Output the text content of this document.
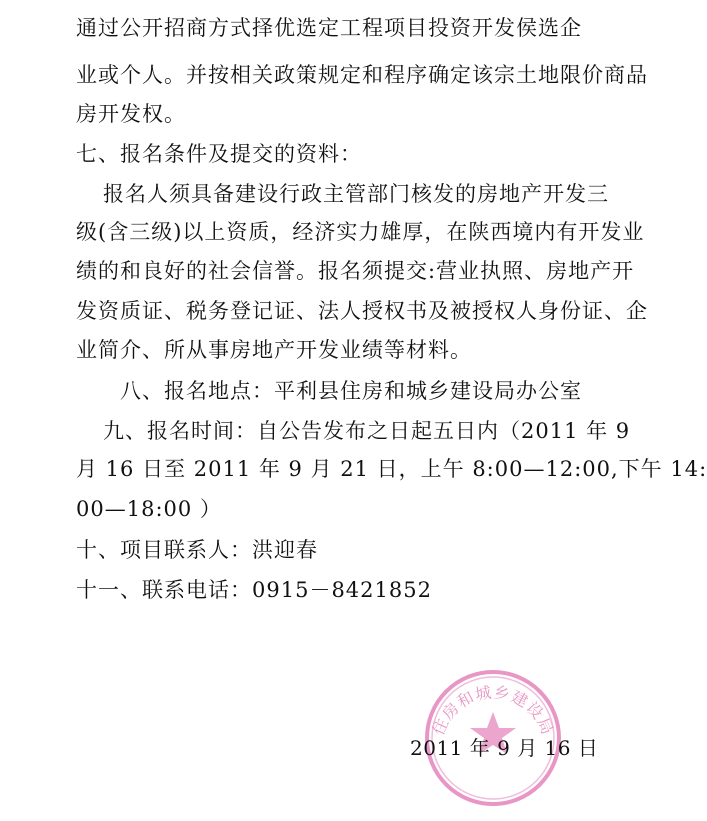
通过公开招商方式择优选定工程项目投资开发侯选企
业或个人。并按相关政策规定和程序确定该宗土地限价商品
房开发权。
七、报名条件及提交的资料：
报名人须具备建设行政主管部门核发的房地产开发三
级(含三级)以上资质，经济实力雄厚，在陕西境内有开发业
绩的和良好的社会信誉。报名须提交:营业执照、房地产开
发资质证、税务登记证、法人授权书及被授权人身份证、企
业简介、所从事房地产开发业绩等材料。
八、报名地点：平利县住房和城乡建设局办公室
九、报名时间：自公告发布之日起五日内（2011 年 9
月 16 日至 2011 年 9 月 21 日，上午 8:00—12:00,下午 14:
00—18:00 ）
十、项目联系人：洪迎春
十一、联系电话：0915－8421852
住房和城乡建设局
2011 年 9 月 16 日
